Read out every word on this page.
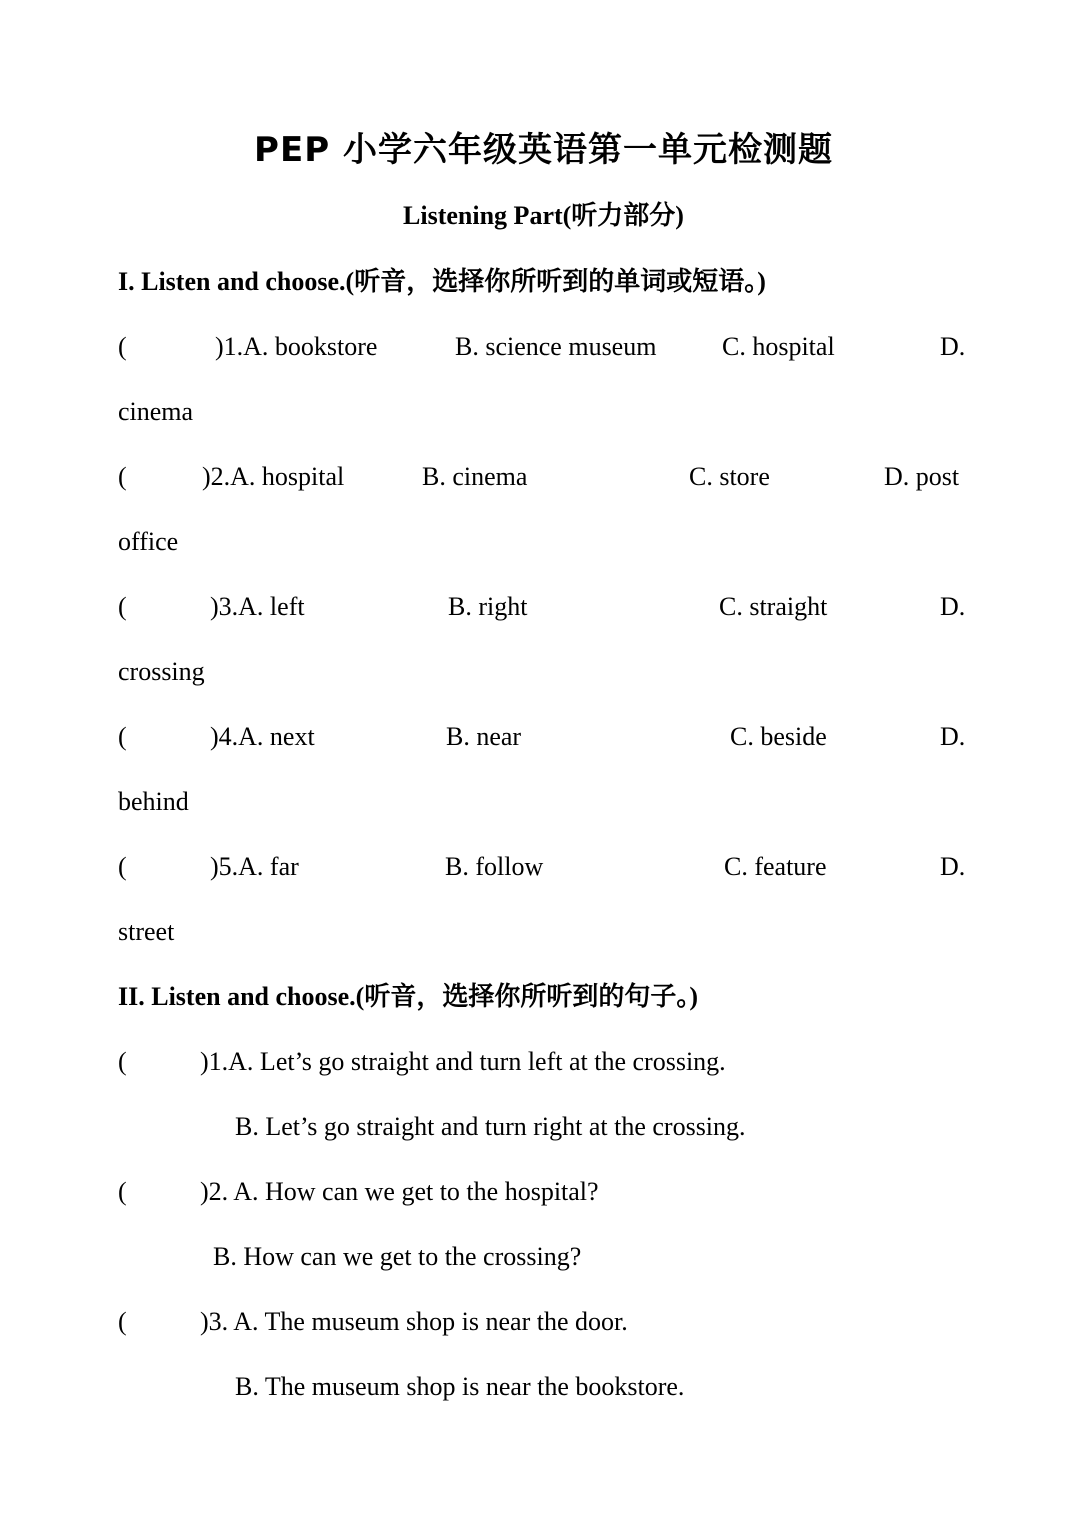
PEP 小学六年级英语第一单元检测题
Listening Part(听力部分)
I. Listen and choose.(听音，选择你所听到的单词或短语。)
(	)1.A. bookstore	B. science museum	C. hospital	D.
cinema
(	)2.A. hospital	B. cinema	C. store	D. post
office
(	)3.A. left	B. right	C. straight	D.
crossing
(	)4.A. next	B. near	C. beside	D.
behind
(	)5.A. far	B. follow	C. feature	D.
street
II. Listen and choose.(听音，选择你所听到的句子。)
(	)1.A. Let’s go straight and turn left at the crossing.
B. Let’s go straight and turn right at the crossing.
(	)2. A. How can we get to the hospital?
B. How can we get to the crossing?
(	)3. A. The museum shop is near the door.
B. The museum shop is near the bookstore.
